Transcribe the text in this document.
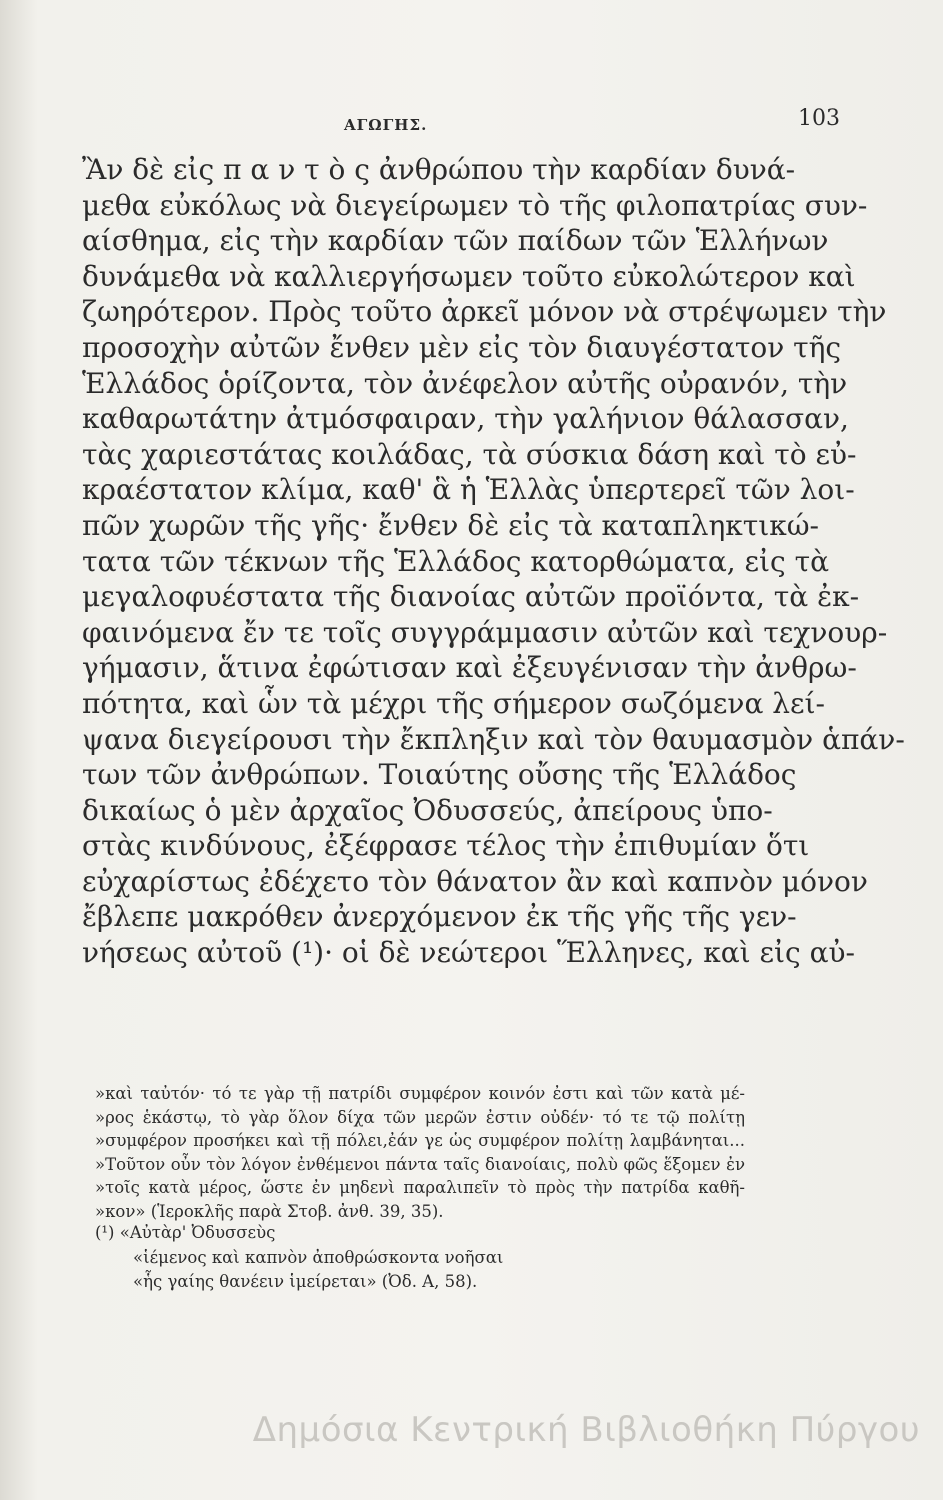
ΑΓΩΓΗΣ.	103
Ἂν δὲ εἰς π α ν τ ὸ ς ἀνθρώπου τὴν καρδίαν δυνά-
μεθα εὐκόλως νὰ διεγείρωμεν τὸ τῆς φιλοπατρίας συν-
αίσθημα, εἰς τὴν καρδίαν τῶν παίδων τῶν Ἑλλήνων
δυνάμεθα νὰ καλλιεργήσωμεν τοῦτο εὐκολώτερον καὶ
ζωηρότερον. Πρὸς τοῦτο ἀρκεῖ μόνον νὰ στρέψωμεν τὴν
προσοχὴν αὐτῶν ἔνθεν μὲν εἰς τὸν διαυγέστατον τῆς
Ἑλλάδος ὁρίζοντα, τὸν ἀνέφελον αὐτῆς οὐρανόν, τὴν
καθαρωτάτην ἀτμόσφαιραν, τὴν γαλήνιον θάλασσαν,
τὰς χαριεστάτας κοιλάδας, τὰ σύσκια δάση καὶ τὸ εὐ-
κραέστατον κλίμα, καθ' ἃ ἡ Ἑλλὰς ὑπερτερεῖ τῶν λοι-
πῶν χωρῶν τῆς γῆς· ἔνθεν δὲ εἰς τὰ καταπληκτικώ-
τατα τῶν τέκνων τῆς Ἑλλάδος κατορθώματα, εἰς τὰ
μεγαλοφυέστατα τῆς διανοίας αὐτῶν προϊόντα, τὰ ἐκ-
φαινόμενα ἔν τε τοῖς συγγράμμασιν αὐτῶν καὶ τεχνουρ-
γήμασιν, ἅτινα ἐφώτισαν καὶ ἐξευγένισαν τὴν ἀνθρω-
πότητα, καὶ ὧν τὰ μέχρι τῆς σήμερον σωζόμενα λεί-
ψανα διεγείρουσι τὴν ἔκπληξιν καὶ τὸν θαυμασμὸν ἁπάν-
των τῶν ἀνθρώπων. Τοιαύτης οὔσης τῆς Ἑλλάδος
δικαίως ὁ μὲν ἀρχαῖος Ὀδυσσεύς, ἀπείρους ὑπο-
στὰς κινδύνους, ἐξέφρασε τέλος τὴν ἐπιθυμίαν ὅτι
εὐχαρίστως ἐδέχετο τὸν θάνατον ἂν καὶ καπνὸν μόνον
ἔβλεπε μακρόθεν ἀνερχόμενον ἐκ τῆς γῆς τῆς γεν-
νήσεως αὐτοῦ (¹)· οἱ δὲ νεώτεροι Ἕλληνες, καὶ εἰς αὐ-
»καὶ ταὐτόν· τό τε γὰρ τῇ πατρίδι συμφέρον κοινόν ἐστι καὶ τῶν κατὰ μέ-
»ρος ἑκάστῳ, τὸ γὰρ ὅλον δίχα τῶν μερῶν ἐστιν οὐδέν· τό τε τῷ πολίτῃ
»συμφέρον προσήκει καὶ τῇ πόλει,ἐάν γε ὡς συμφέρον πολίτῃ λαμβάνηται...
»Τοῦτον οὖν τὸν λόγον ἐνθέμενοι πάντα ταῖς διανοίαις, πολὺ φῶς ἕξομεν ἐν
»τοῖς κατὰ μέρος, ὥστε ἐν μηδενὶ παραλιπεῖν τὸ πρὸς τὴν πατρίδα καθῆ-
»κον» (Ἱεροκλῆς παρὰ Στοβ. ἀνθ. 39, 35).
(¹) «Αὐτὰρ' Ὀδυσσεὺς
«ἱέμενος καὶ καπνὸν ἀποθρώσκοντα νοῆσαι
«ἧς γαίης θανέειν ἱμείρεται» (Ὀδ. Α, 58).
Δημόσια Κεντρική Βιβλιοθήκη Πύργου
